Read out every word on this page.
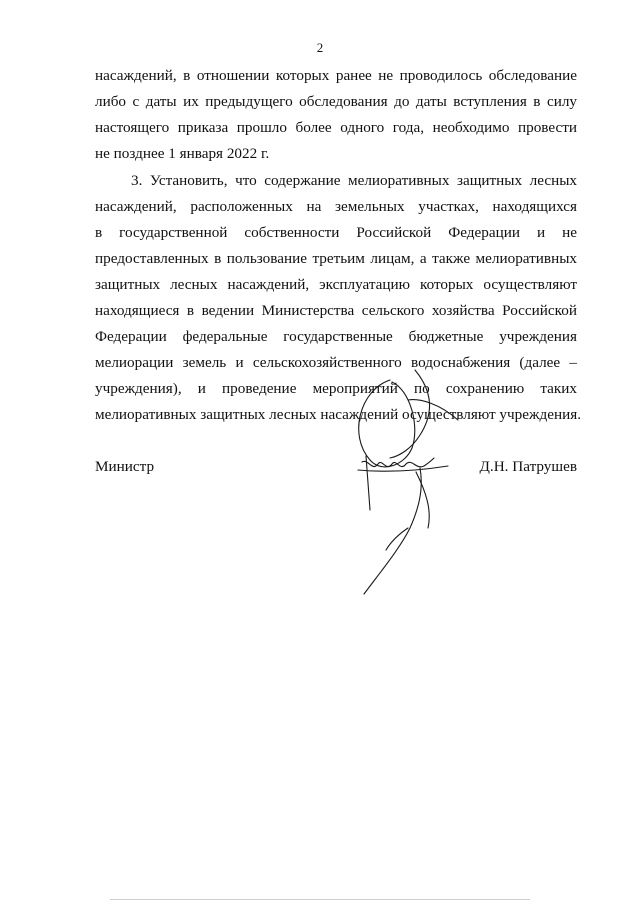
2
насаждений, в отношении которых ранее не проводилось обследование
либо с даты их предыдущего обследования до даты вступления в силу
настоящего приказа прошло более одного года, необходимо провести
не позднее 1 января 2022 г.
3. Установить, что содержание мелиоративных защитных лесных
насаждений, расположенных на земельных участках, находящихся
в государственной собственности Российской Федерации и не
предоставленных в пользование третьим лицам, а также мелиоративных
защитных лесных насаждений, эксплуатацию которых осуществляют
находящиеся в ведении Министерства сельского хозяйства Российской
Федерации федеральные государственные бюджетные учреждения
мелиорации земель и сельскохозяйственного водоснабжения (далее –
учреждения), и проведение мероприятий по сохранению таких
мелиоративных защитных лесных насаждений осуществляют учреждения.
Министр	Д.Н. Патрушев
